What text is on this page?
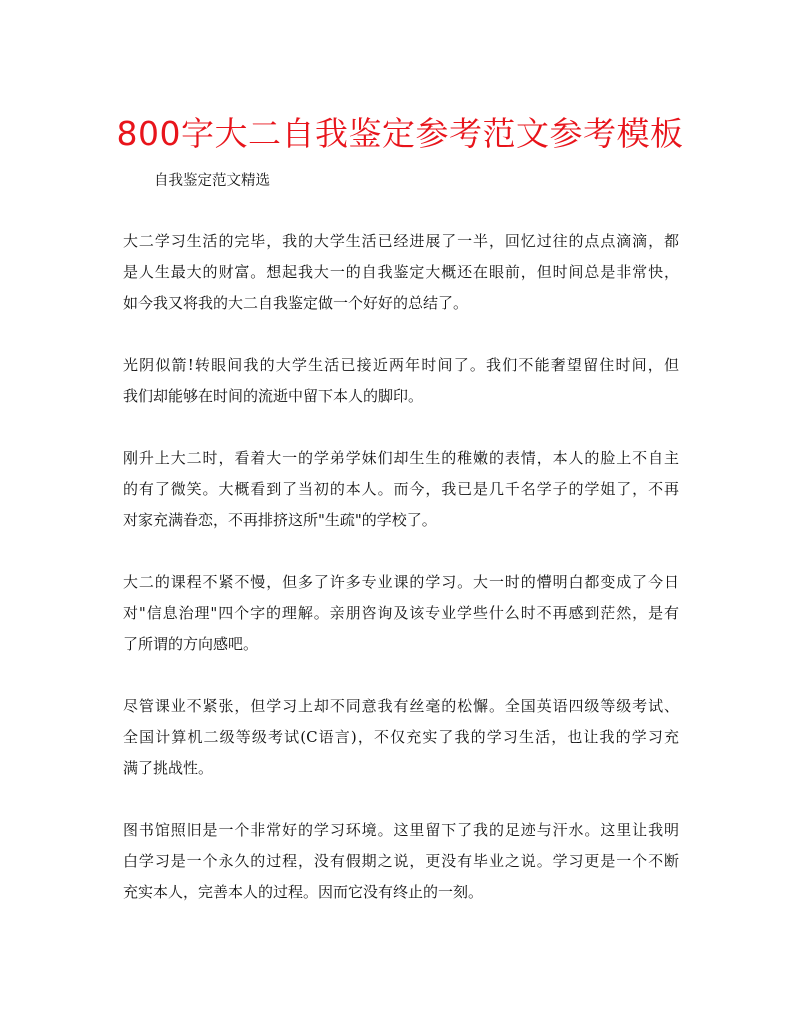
800字大二自我鉴定参考范文参考模板
自我鉴定范文精选
大二学习生活的完毕，我的大学生活已经进展了一半，回忆过往的点点滴滴，都
是人生最大的财富。想起我大一的自我鉴定大概还在眼前，但时间总是非常快，
如今我又将我的大二自我鉴定做一个好好的总结了。
光阴似箭!转眼间我的大学生活已接近两年时间了。我们不能奢望留住时间，但
我们却能够在时间的流逝中留下本人的脚印。
刚升上大二时，看着大一的学弟学妹们却生生的稚嫩的表情，本人的脸上不自主
的有了微笑。大概看到了当初的本人。而今，我已是几千名学子的学姐了，不再
对家充满眷恋，不再排挤这所"生疏"的学校了。
大二的课程不紧不慢，但多了许多专业课的学习。大一时的懵明白都变成了今日
对"信息治理"四个字的理解。亲朋咨询及该专业学些什么时不再感到茫然，是有
了所谓的方向感吧。
尽管课业不紧张，但学习上却不同意我有丝毫的松懈。全国英语四级等级考试、
全国计算机二级等级考试(C语言)，不仅充实了我的学习生活，也让我的学习充
满了挑战性。
图书馆照旧是一个非常好的学习环境。这里留下了我的足迹与汗水。这里让我明
白学习是一个永久的过程，没有假期之说，更没有毕业之说。学习更是一个不断
充实本人，完善本人的过程。因而它没有终止的一刻。
